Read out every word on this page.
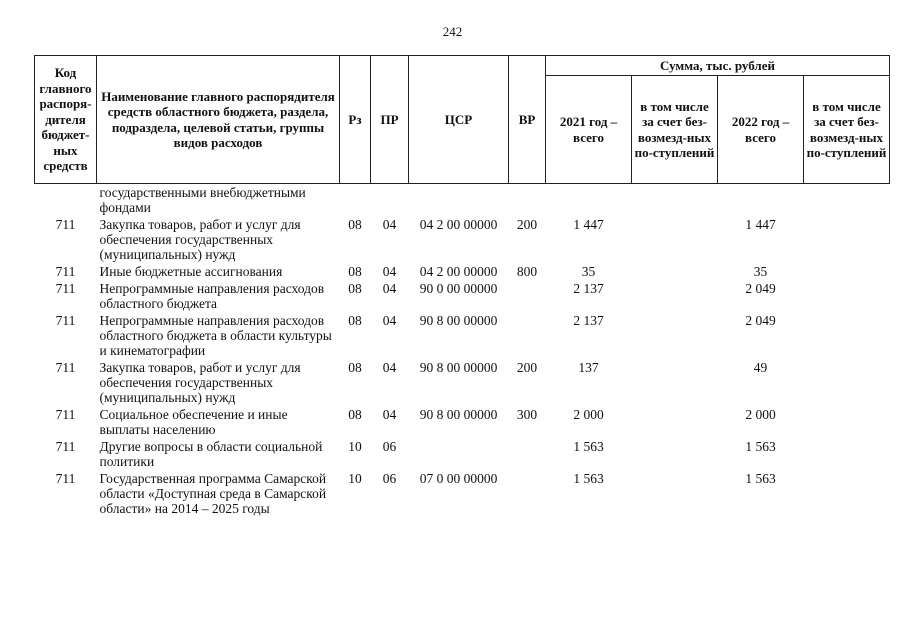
242
Код главного распоря-дителя бюджет-ных средств	Наименование главного распорядителя средств областного бюджета, раздела, подраздела, целевой статьи, группы видов расходов	Рз	ПР	ЦСР	ВР	Сумма, тыс. рублей			
						2021 год – всего	в том числе за счет без-возмезд-ных по-ступлений	2022 год – всего	в том числе за счет без-возмезд-ных по-ступлений
	государственными внебюджетными фондами								
711	Закупка товаров, работ и услуг для обеспечения государственных (муниципальных) нужд	08	04	04 2 00 00000	200	1 447		1 447	
711	Иные бюджетные ассигнования	08	04	04 2 00 00000	800	35		35	
711	Непрограммные направления расходов областного бюджета	08	04	90 0 00 00000		2 137		2 049	
711	Непрограммные направления расходов областного бюджета в области культуры и кинематографии	08	04	90 8 00 00000		2 137		2 049	
711	Закупка товаров, работ и услуг для обеспечения государственных (муниципальных) нужд	08	04	90 8 00 00000	200	137		49	
711	Социальное обеспечение и иные выплаты населению	08	04	90 8 00 00000	300	2 000		2 000	
711	Другие вопросы в области социальной политики	10	06			1 563		1 563	
711	Государственная программа Самарской области «Доступная среда в Самарской области» на 2014 – 2025 годы	10	06	07 0 00 00000		1 563		1 563	
